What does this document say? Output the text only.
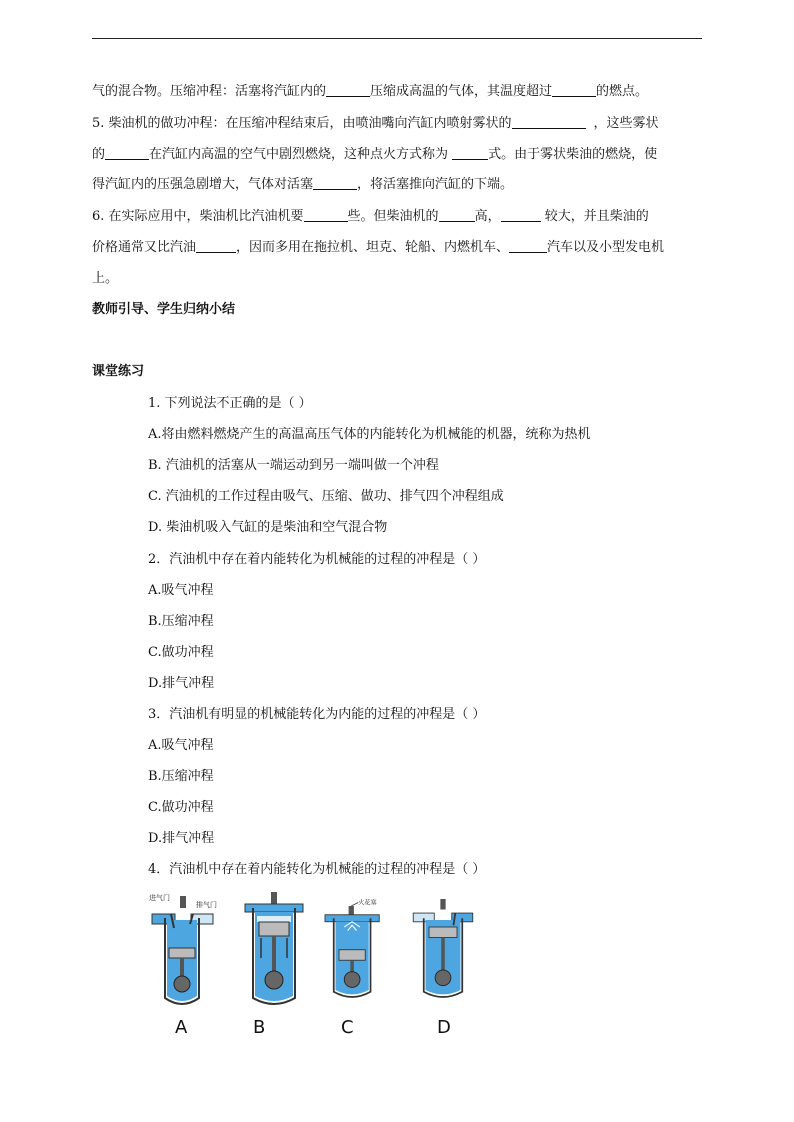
气的混合物。压缩冲程：活塞将汽缸内的	压缩成高温的气体，其温度超过	的燃点。
5. 柴油机的做功冲程：在压缩冲程结束后，由喷油嘴向汽缸内喷射雾状的	，这些雾状
的	在汽缸内高温的空气中剧烈燃烧，这种点火方式称为	式。由于雾状柴油的燃烧，使
得汽缸内的压强急剧增大，气体对活塞	，将活塞推向汽缸的下端。
6. 在实际应用中，柴油机比汽油机要	些。但柴油机的	高，	较大，并且柴油的
价格通常又比汽油	，因而多用在拖拉机、坦克、轮船、内燃机车、	汽车以及小型发电机
上。
教师引导、学生归纳小结
课堂练习
1. 下列说法不正确的是（ ）
A.将由燃料燃烧产生的高温高压气体的内能转化为机械能的机器，统称为热机
B. 汽油机的活塞从一端运动到另一端叫做一个冲程
C. 汽油机的工作过程由吸气、压缩、做功、排气四个冲程组成
D. 柴油机吸入气缸的是柴油和空气混合物
2．汽油机中存在着内能转化为机械能的过程的冲程是（ ）
A.吸气冲程
B.压缩冲程
C.做功冲程
D.排气冲程
3．汽油机有明显的机械能转化为内能的过程的冲程是（ ）
A.吸气冲程
B.压缩冲程
C.做功冲程
D.排气冲程
4．汽油机中存在着内能转化为机械能的过程的冲程是（ ）
进气门
排气门	火花塞
A	B	C	D
